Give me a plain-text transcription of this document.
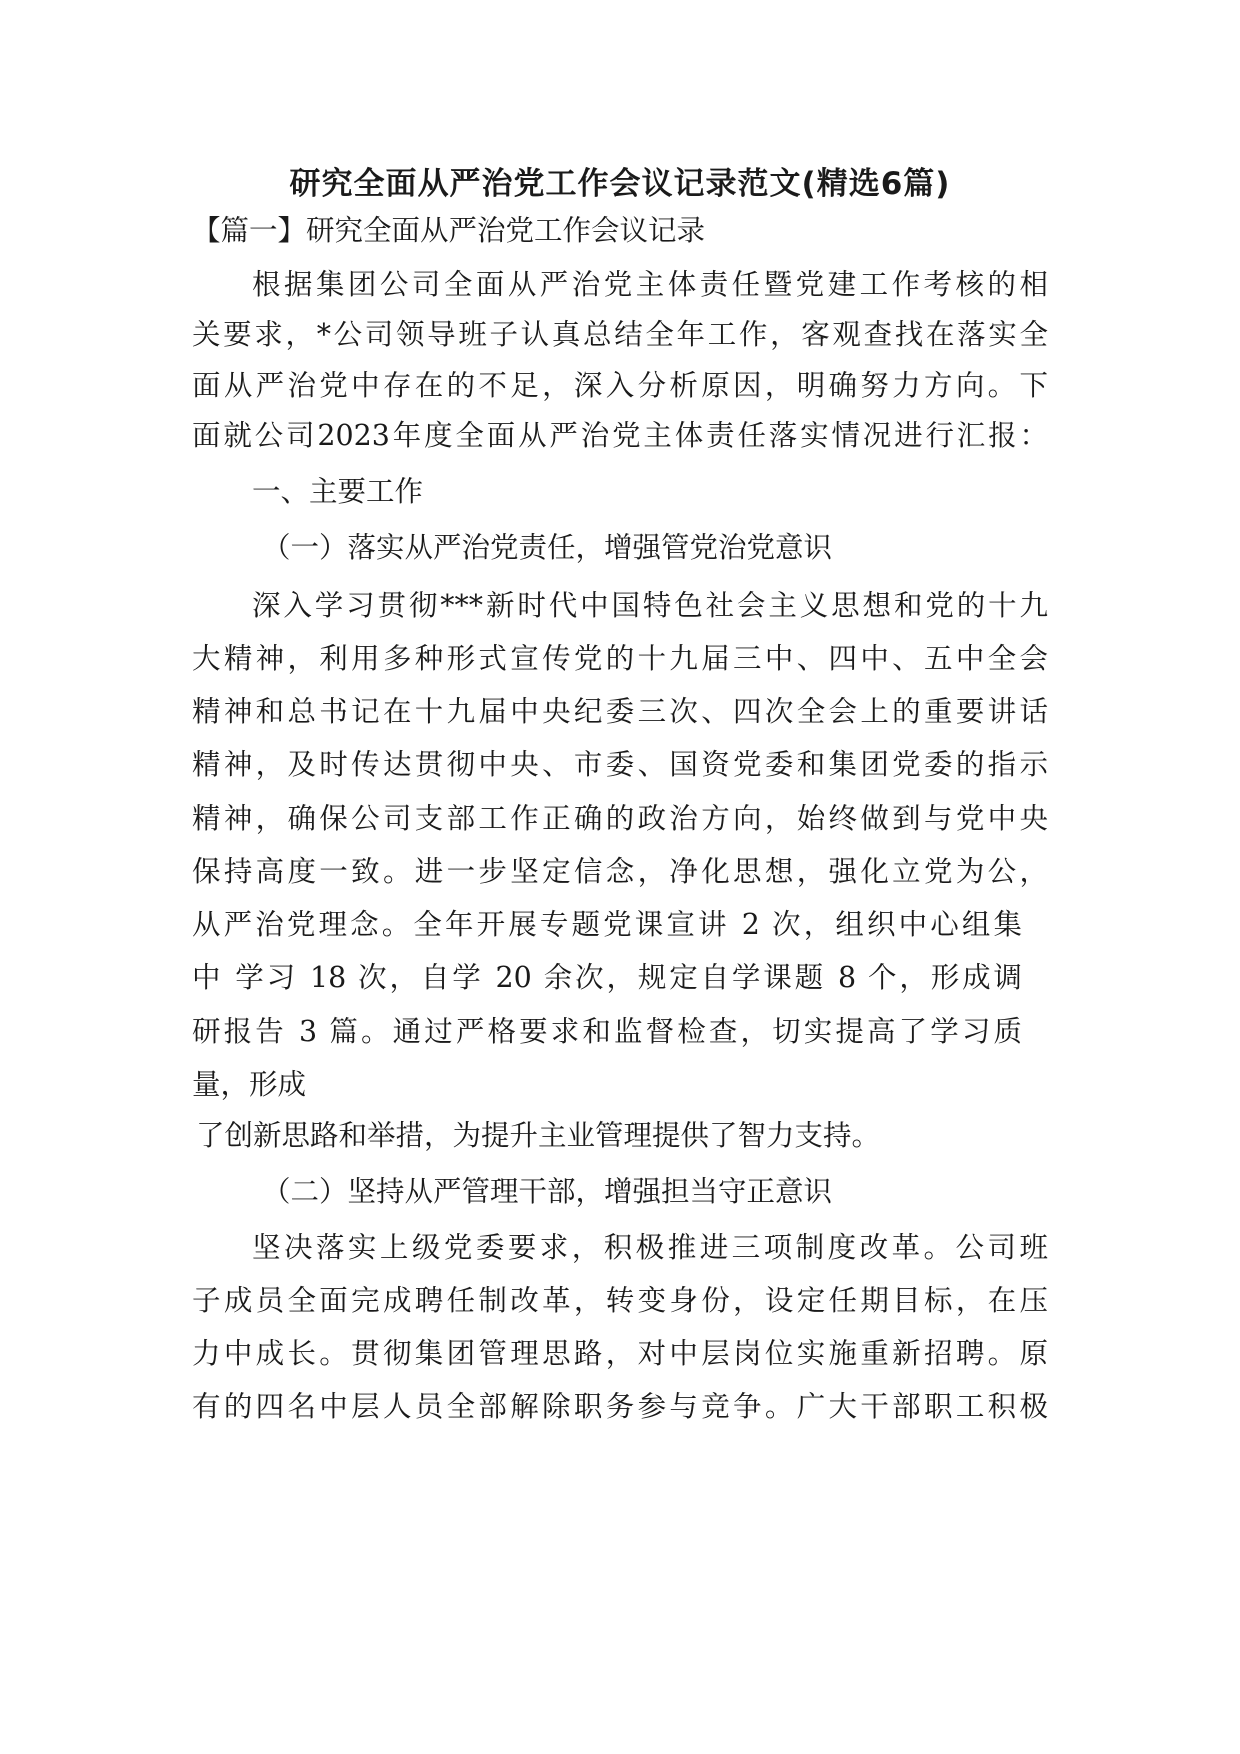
研究全面从严治党工作会议记录范文(精选6篇)
【篇一】研究全面从严治党工作会议记录
根据集团公司全面从严治党主体责任暨党建工作考核的相
关要求，*公司领导班子认真总结全年工作，客观查找在落实全
面从严治党中存在的不足，深入分析原因，明确努力方向。下
面就公司2023年度全面从严治党主体责任落实情况进行汇报：
一、主要工作
（一）落实从严治党责任，增强管党治党意识
深入学习贯彻***新时代中国特色社会主义思想和党的十九
大精神，利用多种形式宣传党的十九届三中、四中、五中全会
精神和总书记在十九届中央纪委三次、四次全会上的重要讲话
精神，及时传达贯彻中央、市委、国资党委和集团党委的指示
精神，确保公司支部工作正确的政治方向，始终做到与党中央
保持高度一致。进一步坚定信念，净化思想，强化立党为公，
从严治党理念。全年开展专题党课宣讲 2 次，组织中心组集
中 学习 18 次，自学 20 余次，规定自学课题 8 个，形成调
研报告 3 篇。通过严格要求和监督检查，切实提高了学习质
量，形成
了创新思路和举措，为提升主业管理提供了智力支持。
（二）坚持从严管理干部，增强担当守正意识
坚决落实上级党委要求，积极推进三项制度改革。公司班
子成员全面完成聘任制改革，转变身份，设定任期目标，在压
力中成长。贯彻集团管理思路，对中层岗位实施重新招聘。原
有的四名中层人员全部解除职务参与竞争。广大干部职工积极
